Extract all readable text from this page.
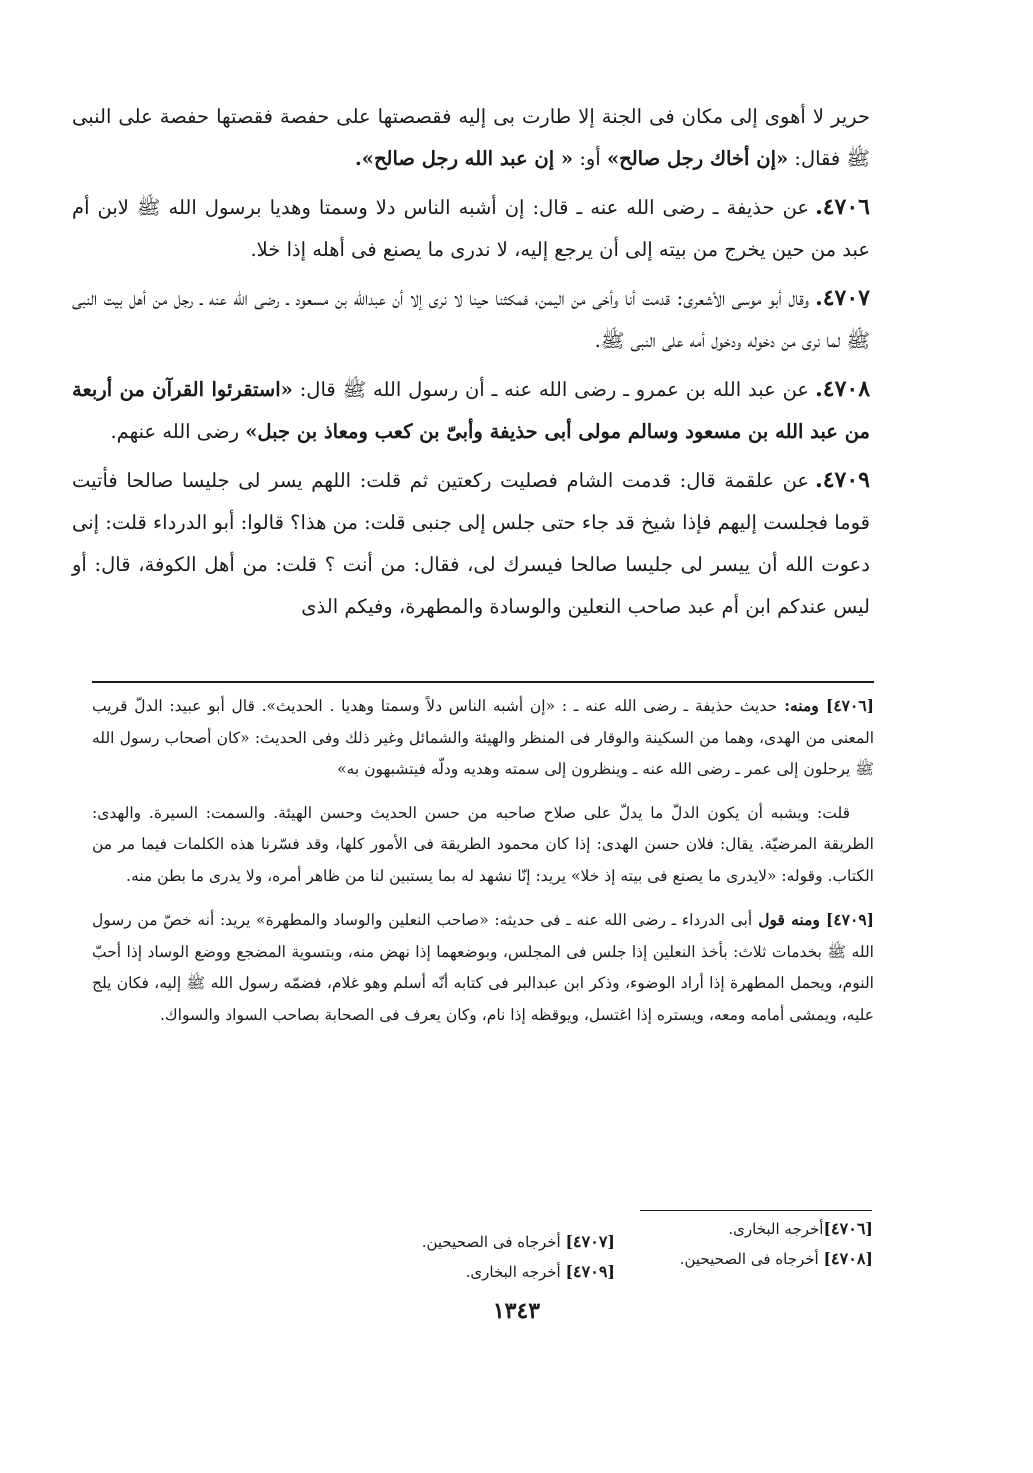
حرير لا أهوى إلى مكان فى الجنة إلا طارت بى إليه فقصصتها على حفصة فقصتها حفصة على النبى ﷺ فقال: «إن أخاك رجل صالح» أو: « إن عبد الله رجل صالح».

٤٧٠٦.عن حذيفة ـ رضى الله عنه ـ قال: إن أشبه الناس دلا وسمتا وهديا برسول الله ﷺ لابن أم عبد من حين يخرج من بيته إلى أن يرجع إليه، لا ندرى ما يصنع فى أهله إذا خلا.

٤٧٠٧.وقال أبو موسى الأشعرى: قدمت أنا وأخى من اليمن، فمكثنا حينا لا نرى إلا أن عبدالله بن مسعود ـ رضى الله عنه ـ رجل من أهل بيت النبى ﷺ لما نرى من دخوله ودخول أمه على النبى ﷺ.

٤٧٠٨.عن عبد الله بن عمرو ـ رضى الله عنه ـ أن رسول الله ﷺ قال: «استقرئوا القرآن من أربعة من عبد الله بن مسعود وسالم مولى أبى حذيفة وأبىّ بن كعب ومعاذ بن جبل» رضى الله عنهم.

٤٧٠٩.عن علقمة قال: قدمت الشام فصليت ركعتين ثم قلت: اللهم يسر لى جليسا صالحا فأتيت قوما فجلست إليهم فإذا شيخ قد جاء حتى جلس إلى جنبى قلت: من هذا؟ قالوا: أبو الدرداء قلت: إنى دعوت الله أن ييسر لى جليسا صالحا فيسرك لى، فقال: من أنت ؟ قلت: من أهل الكوفة، قال: أو ليس عندكم ابن أم عبد صاحب النعلين والوسادة والمطهرة، وفيكم الذى

[٤٧٠٦] ومنه: حديث حذيفة ـ رضى الله عنه ـ : «إن أشبه الناس دلاً وسمتا وهديا . الحديث». قال أبو عبيد: الدلّ قريب المعنى من الهدى، وهما من السكينة والوقار فى المنظر والهيئة والشمائل وغير ذلك وفى الحديث: «كان أصحاب رسول الله ﷺ يرحلون إلى عمر ـ رضى الله عنه ـ وينظرون إلى سمته وهديه ودلّه فيتشبهون به»

قلت: ويشبه أن يكون الدلّ ما يدلّ على صلاح صاحبه من حسن الحديث وحسن الهيئة. والسمت: السيرة. والهدى: الطريقة المرضيّة. يقال: فلان حسن الهدى: إذا كان محمود الطريقة فى الأمور كلها، وقد فسّرنا هذه الكلمات فيما مر من الكتاب. وقوله: «لايدرى ما يصنع فى بيته إذ خلا» يريد: إنّا نشهد له بما يستبين لنا من ظاهر أمره، ولا يدرى ما بطن منه.

[٤٧٠٩] ومنه قول أبى الدرداء ـ رضى الله عنه ـ فى حديثه: «صاحب النعلين والوساد والمطهرة» يريد: أنه خصّ من رسول الله ﷺ بخدمات ثلاث: بأخذ النعلين إذا جلس فى المجلس، وبوضعهما إذا نهض منه، وبتسوية المضجع ووضع الوساد إذا أحبّ النوم، ويحمل المطهرة إذا أراد الوضوء، وذكر ابن عبدالبر فى كتابه أنّه أسلم وهو غلام، فضمّه رسول الله ﷺ إليه، فكان يلج عليه، ويمشى أمامه ومعه، ويستره إذا اغتسل، ويوقظه إذا نام، وكان يعرف فى الصحابة بصاحب السواد والسواك.

[٤٧٠٦]أخرجه البخارى.
[٤٧٠٨] أخرجاه فى الصحيحين.
[٤٧٠٧] أخرجاه فى الصحيحين.
[٤٧٠٩] أخرجه البخارى.
١٣٤٣
